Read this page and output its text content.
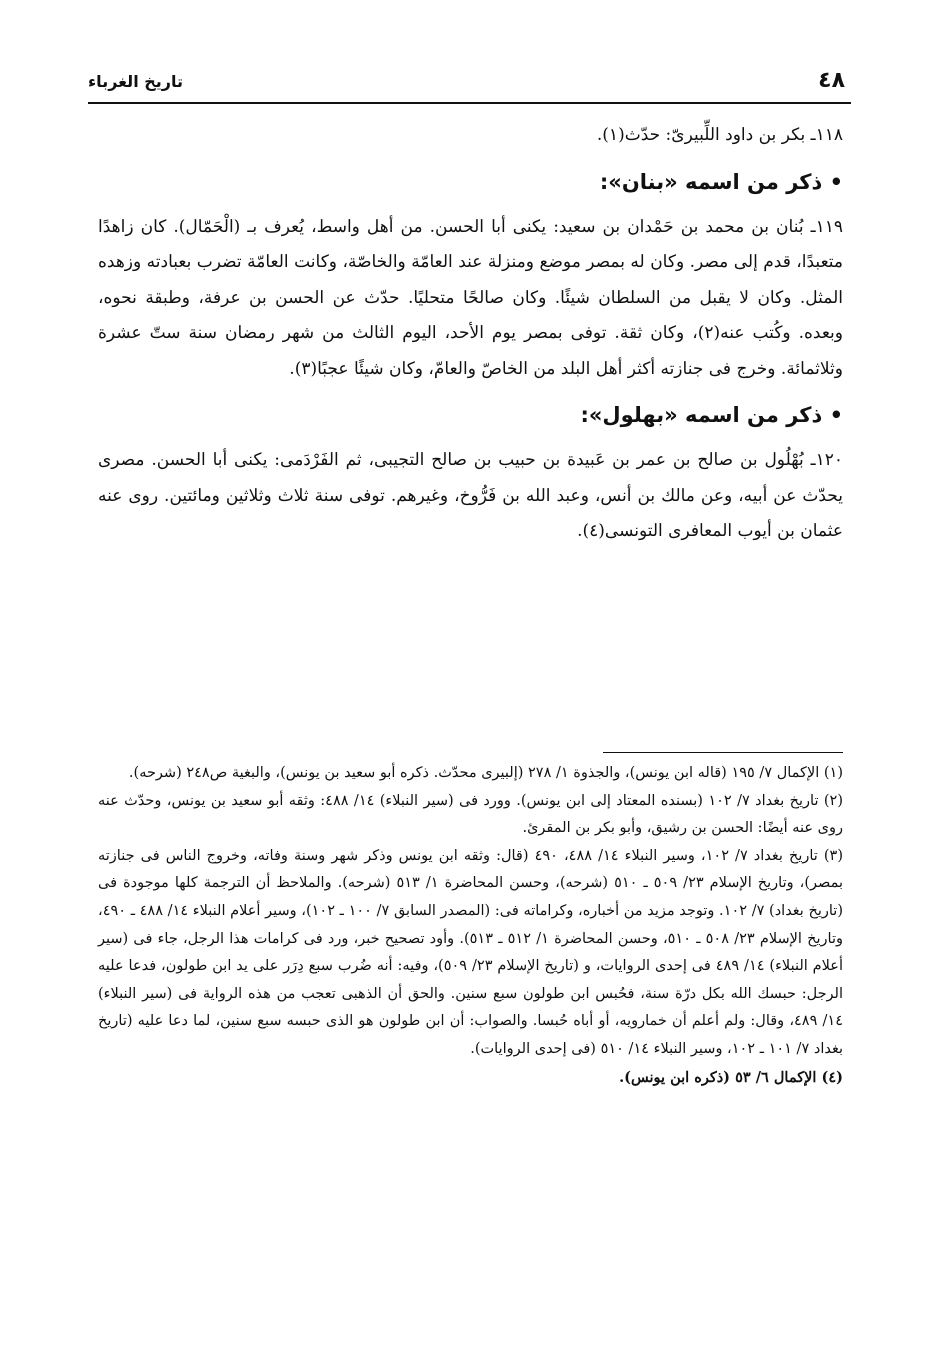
٤٨
تاريخ الغرباء

١١٨ـ بكر بن داود اللِّبيرىّ: حدّث(١).

• ذكر من اسمه «بنان»:

١١٩ـ بُنان بن محمد بن حَمْدان بن سعيد: يكنى أبا الحسن. من أهل واسط، يُعرف بـ (الْحَمّال). كان زاهدًا متعبدًا، قدم إلى مصر. وكان له بمصر موضع ومنزلة عند العامّة والخاصّة، وكانت العامّة تضرب بعبادته وزهده المثل. وكان لا يقبل من السلطان شيئًا. وكان صالحًا متحليًا. حدّث عن الحسن بن عرفة، وطبقة نحوه، وبعده. وكُتب عنه(٢)، وكان ثقة. توفى بمصر يوم الأحد، اليوم الثالث من شهر رمضان سنة ستّ عشرة وثلاثمائة. وخرج فى جنازته أكثر أهل البلد من الخاصّ والعامّ، وكان شيئًا عجبًا(٣).

• ذكر من اسمه «بهلول»:

١٢٠ـ بُهْلُول بن صالح بن عمر بن عَبيدة بن حبيب بن صالح التجيبى، ثم الفَرْدَمى: يكنى أبا الحسن. مصرى يحدّث عن أبيه، وعن مالك بن أنس، وعبد الله بن فَرُّوخ، وغيرهم. توفى سنة ثلاث وثلاثين ومائتين. روى عنه عثمان بن أيوب المعافرى التونسى(٤).

(١) الإكمال ٧/ ١٩٥ (قاله ابن يونس)، والجذوة ١/ ٢٧٨ (إلبيرى محدّث. ذكره أبو سعيد بن يونس)، والبغية ص٢٤٨ (شرحه).

(٢) تاريخ بغداد ٧/ ١٠٢ (بسنده المعتاد إلى ابن يونس). وورد فى (سير النبلاء) ١٤/ ٤٨٨: وثقه أبو سعيد بن يونس، وحدّث عنه روى عنه أيضًا: الحسن بن رشيق، وأبو بكر بن المقرئ.

(٣) تاريخ بغداد ٧/ ١٠٢، وسير النبلاء ١٤/ ٤٨٨، ٤٩٠ (قال: وثقه ابن يونس وذكر شهر وسنة وفاته، وخروج الناس فى جنازته بمصر)، وتاريخ الإسلام ٢٣/ ٥٠٩ ـ ٥١٠ (شرحه)، وحسن المحاضرة ١/ ٥١٣ (شرحه). والملاحظ أن الترجمة كلها موجودة فى (تاريخ بغداد) ٧/ ١٠٢. وتوجد مزيد من أخباره، وكراماته فى: (المصدر السابق ٧/ ١٠٠ ـ ١٠٢)، وسير أعلام النبلاء ١٤/ ٤٨٨ ـ ٤٩٠، وتاريخ الإسلام ٢٣/ ٥٠٨ ـ ٥١٠، وحسن المحاضرة ١/ ٥١٢ ـ ٥١٣). وأود تصحيح خبر، ورد فى كرامات هذا الرجل، جاء فى (سير أعلام النبلاء) ١٤/ ٤٨٩ فى إحدى الروايات، و (تاريخ الإسلام ٢٣/ ٥٠٩)، وفيه: أنه ضُرب سبع دِرَر على يد ابن طولون، فدعا عليه الرجل: حبسك الله بكل درّة سنة، فحُبس ابن طولون سبع سنين. والحق أن الذهبى تعجب من هذه الرواية فى (سير النبلاء) ١٤/ ٤٨٩، وقال: ولم أعلم أن خمارويه، أو أباه حُبسا. والصواب: أن ابن طولون هو الذى حبسه سبع سنين، لما دعا عليه (تاريخ بغداد ٧/ ١٠١ ـ ١٠٢، وسير النبلاء ١٤/ ٥١٠ (فى إحدى الروايات).

(٤) الإكمال ٦/ ٥٣ (ذكره ابن يونس).
